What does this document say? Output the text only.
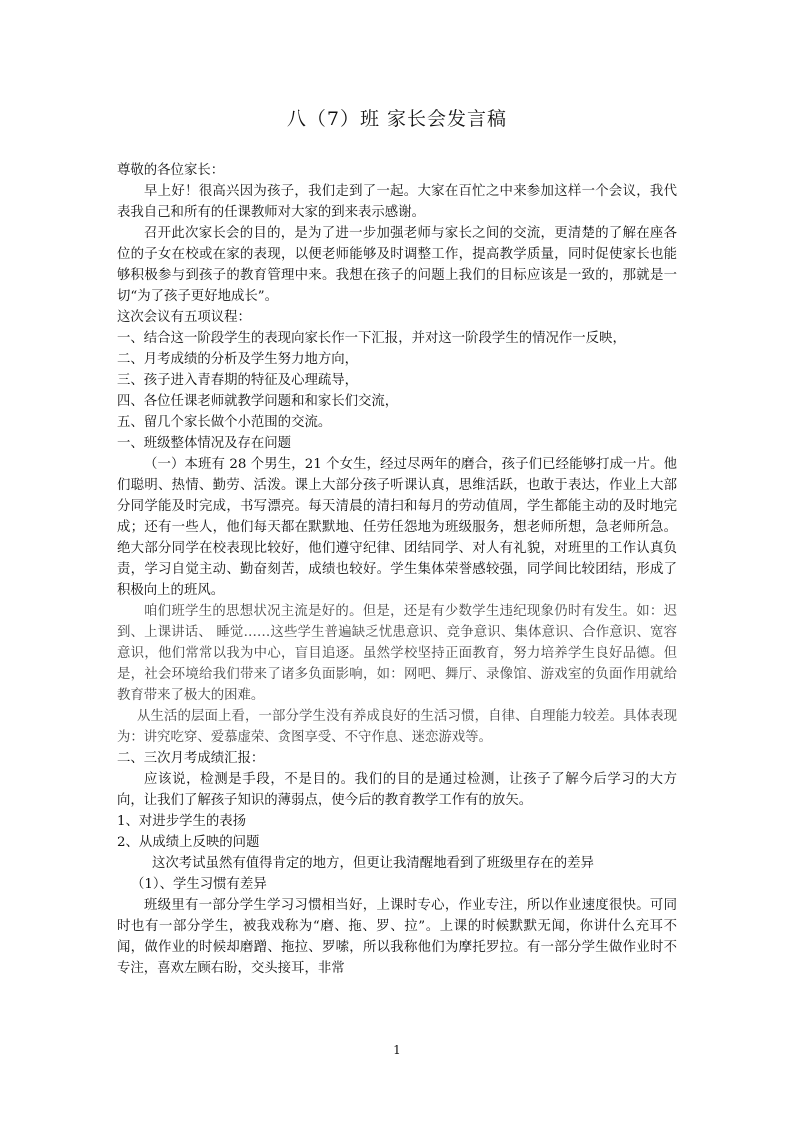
八（7）班 家长会发言稿

尊敬的各位家长：

早上好！很高兴因为孩子，我们走到了一起。大家在百忙之中来参加这样一个会议，我代表我自己和所有的任课教师对大家的到来表示感谢。

召开此次家长会的目的，是为了进一步加强老师与家长之间的交流，更清楚的了解在座各位的子女在校或在家的表现，以便老师能够及时调整工作，提高教学质量，同时促使家长也能够积极参与到孩子的教育管理中来。我想在孩子的问题上我们的目标应该是一致的，那就是一切“为了孩子更好地成长”。

这次会议有五项议程：

一、结合这一阶段学生的表现向家长作一下汇报，并对这一阶段学生的情况作一反映，

二、月考成绩的分析及学生努力地方向，

三、孩子进入青春期的特征及心理疏导，

四、各位任课老师就教学问题和和家长们交流，

五、留几个家长做个小范围的交流。

一、班级整体情况及存在问题

（一）本班有 28 个男生，21 个女生，经过尽两年的磨合，孩子们已经能够打成一片。他们聪明、热情、勤劳、活泼。课上大部分孩子听课认真，思维活跃，也敢于表达，作业上大部分同学能及时完成，书写漂亮。每天清晨的清扫和每月的劳动值周，学生都能主动的及时地完成；还有一些人，他们每天都在默默地、任劳任怨地为班级服务，想老师所想，急老师所急。绝大部分同学在校表现比较好，他们遵守纪律、团结同学、对人有礼貌，对班里的工作认真负责，学习自觉主动、勤奋刻苦，成绩也较好。学生集体荣誉感较强，同学间比较团结，形成了积极向上的班风。

咱们班学生的思想状况主流是好的。但是，还是有少数学生违纪现象仍时有发生。如：迟到、上课讲话、 睡觉……这些学生普遍缺乏忧患意识、竞争意识、集体意识、合作意识、宽容意识，他们常常以我为中心，盲目追逐。虽然学校坚持正面教育，努力培养学生良好品德。但是，社会环境给我们带来了诸多负面影响，如：网吧、舞厅、录像馆、游戏室的负面作用就给教育带来了极大的困难。

从生活的层面上看，一部分学生没有养成良好的生活习惯，自律、自理能力较差。具体表现为：讲究吃穿、爱慕虚荣、贪图享受、不守作息、迷恋游戏等。

二、三次月考成绩汇报：

应该说，检测是手段，不是目的。我们的目的是通过检测，让孩子了解今后学习的大方向，让我们了解孩子知识的薄弱点，使今后的教育教学工作有的放矢。

1、对进步学生的表扬

2、从成绩上反映的问题

这次考试虽然有值得肯定的地方，但更让我清醒地看到了班级里存在的差异

（1）、学生习惯有差异

班级里有一部分学生学习习惯相当好，上课时专心，作业专注，所以作业速度很快。可同时也有一部分学生，被我戏称为“磨、拖、罗、拉”。上课的时候默默无闻，你讲什么充耳不闻，做作业的时候却磨蹭、拖拉、罗嗦，所以我称他们为摩托罗拉。有一部分学生做作业时不专注，喜欢左顾右盼，交头接耳，非常

1
